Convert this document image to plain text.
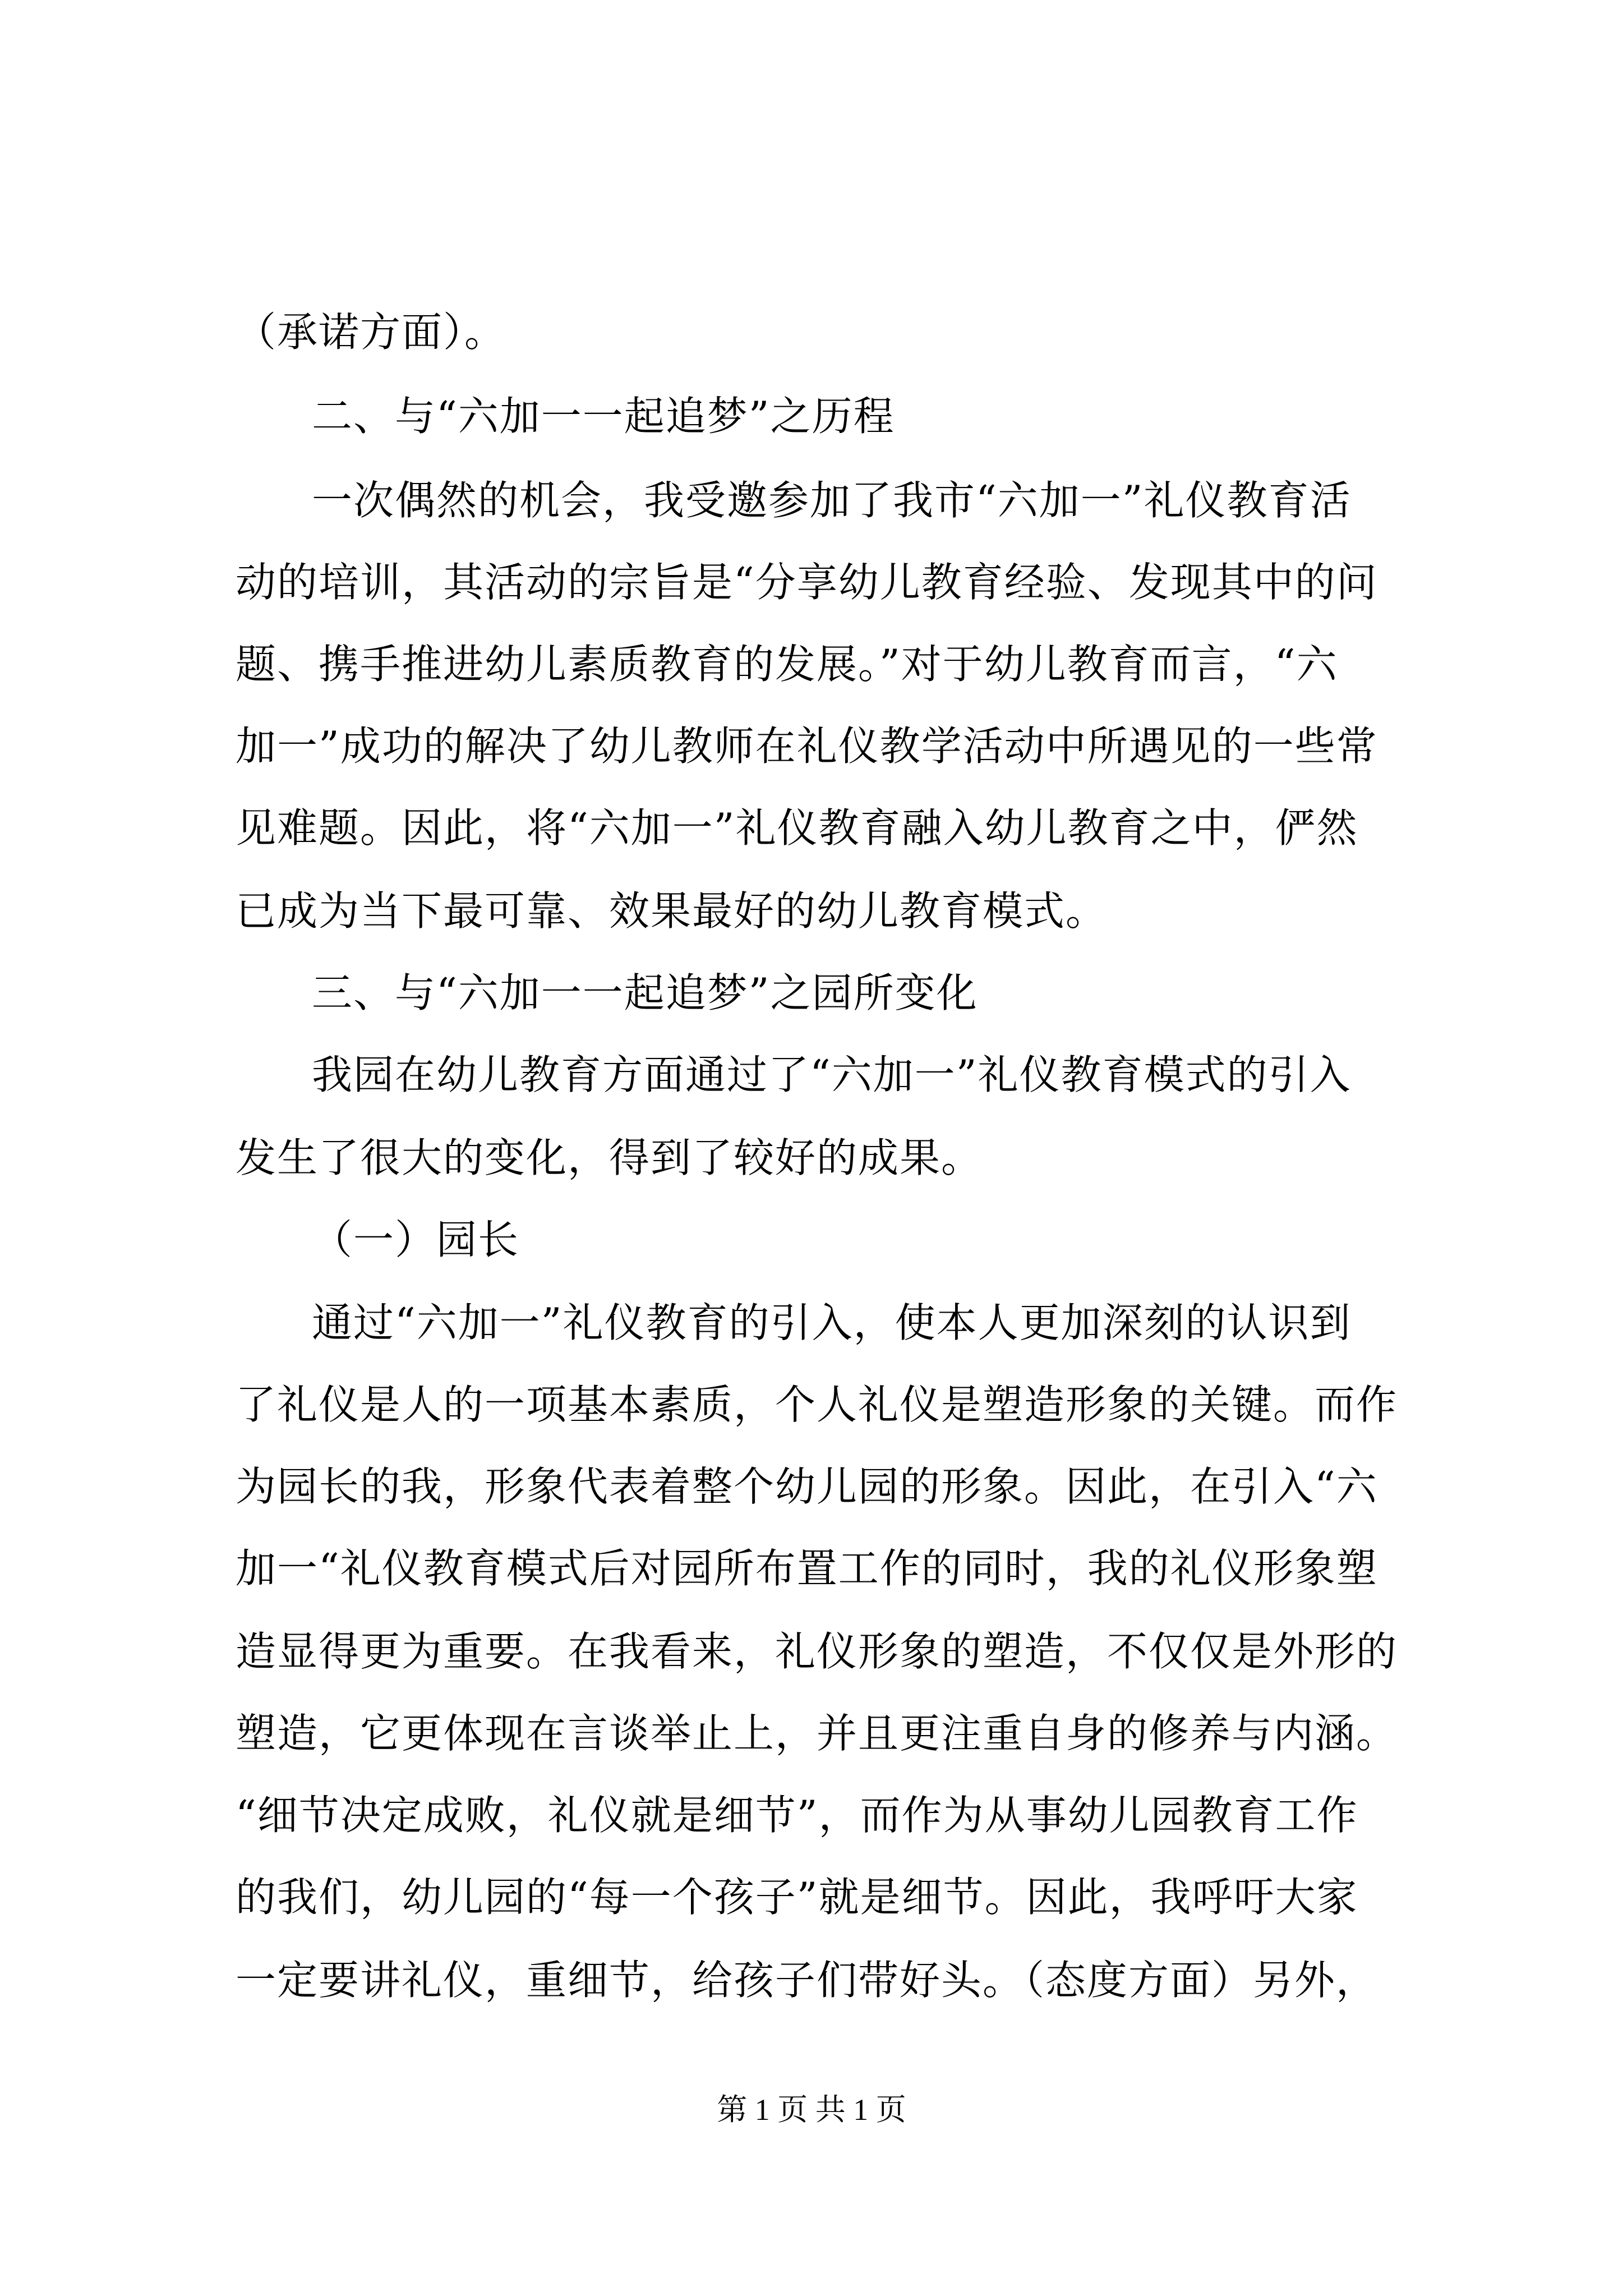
（承诺方面）。
二、与“六加一一起追梦”之历程
一次偶然的机会，我受邀参加了我市“六加一”礼仪教育活
动的培训，其活动的宗旨是“分享幼儿教育经验、发现其中的问
题、携手推进幼儿素质教育的发展。”对于幼儿教育而言，“六
加一”成功的解决了幼儿教师在礼仪教学活动中所遇见的一些常
见难题。因此，将“六加一”礼仪教育融入幼儿教育之中，俨然
已成为当下最可靠、效果最好的幼儿教育模式。
三、与“六加一一起追梦”之园所变化
我园在幼儿教育方面通过了“六加一”礼仪教育模式的引入
发生了很大的变化，得到了较好的成果。
（一）园长
通过“六加一”礼仪教育的引入，使本人更加深刻的认识到
了礼仪是人的一项基本素质，个人礼仪是塑造形象的关键。而作
为园长的我，形象代表着整个幼儿园的形象。因此，在引入“六
加一“礼仪教育模式后对园所布置工作的同时，我的礼仪形象塑
造显得更为重要。在我看来，礼仪形象的塑造，不仅仅是外形的
塑造，它更体现在言谈举止上，并且更注重自身的修养与内涵。
“细节决定成败，礼仪就是细节”，而作为从事幼儿园教育工作
的我们，幼儿园的“每一个孩子”就是细节。因此，我呼吁大家
一定要讲礼仪，重细节，给孩子们带好头。（态度方面）另外，
第 1 页 共 1 页
